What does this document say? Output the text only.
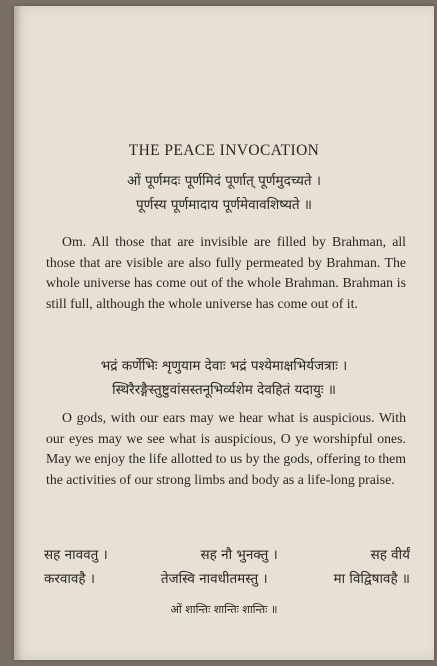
THE PEACE INVOCATION

ओं पूर्णमदः पूर्णमिदं पूर्णात् पूर्णमुदच्यते ।

पूर्णस्य पूर्णमादाय पूर्णमेवावशिष्यते ॥

Om. All those that are invisible are filled by Brahman, all those that are visible are also fully permeated by Brahman. The whole universe has come out of the whole Brahman. Brahman is still full, although the whole universe has come out of it.

भद्रं कर्णेभिः शृणुयाम देवाः भद्रं पश्येमाक्षभिर्यजत्राः ।

स्थिरैरङ्गैस्तुष्टुवांसस्तनूभिर्व्यशेम देवहितं यदायुः ॥

O gods, with our ears may we hear what is auspicious. With our eyes may we see what is auspicious, O ye worshipful ones. May we enjoy the life allotted to us by the gods, offering to them the activities of our strong limbs and body as a life-long praise.

सह नाववतु ।	सह नौ भुनक्तु ।	सह वीर्यं

करवावहै ।	तेजस्वि नावधीतमस्तु ।	मा विद्विषावहै ॥

ओं शान्तिः शान्तिः शान्तिः ॥
